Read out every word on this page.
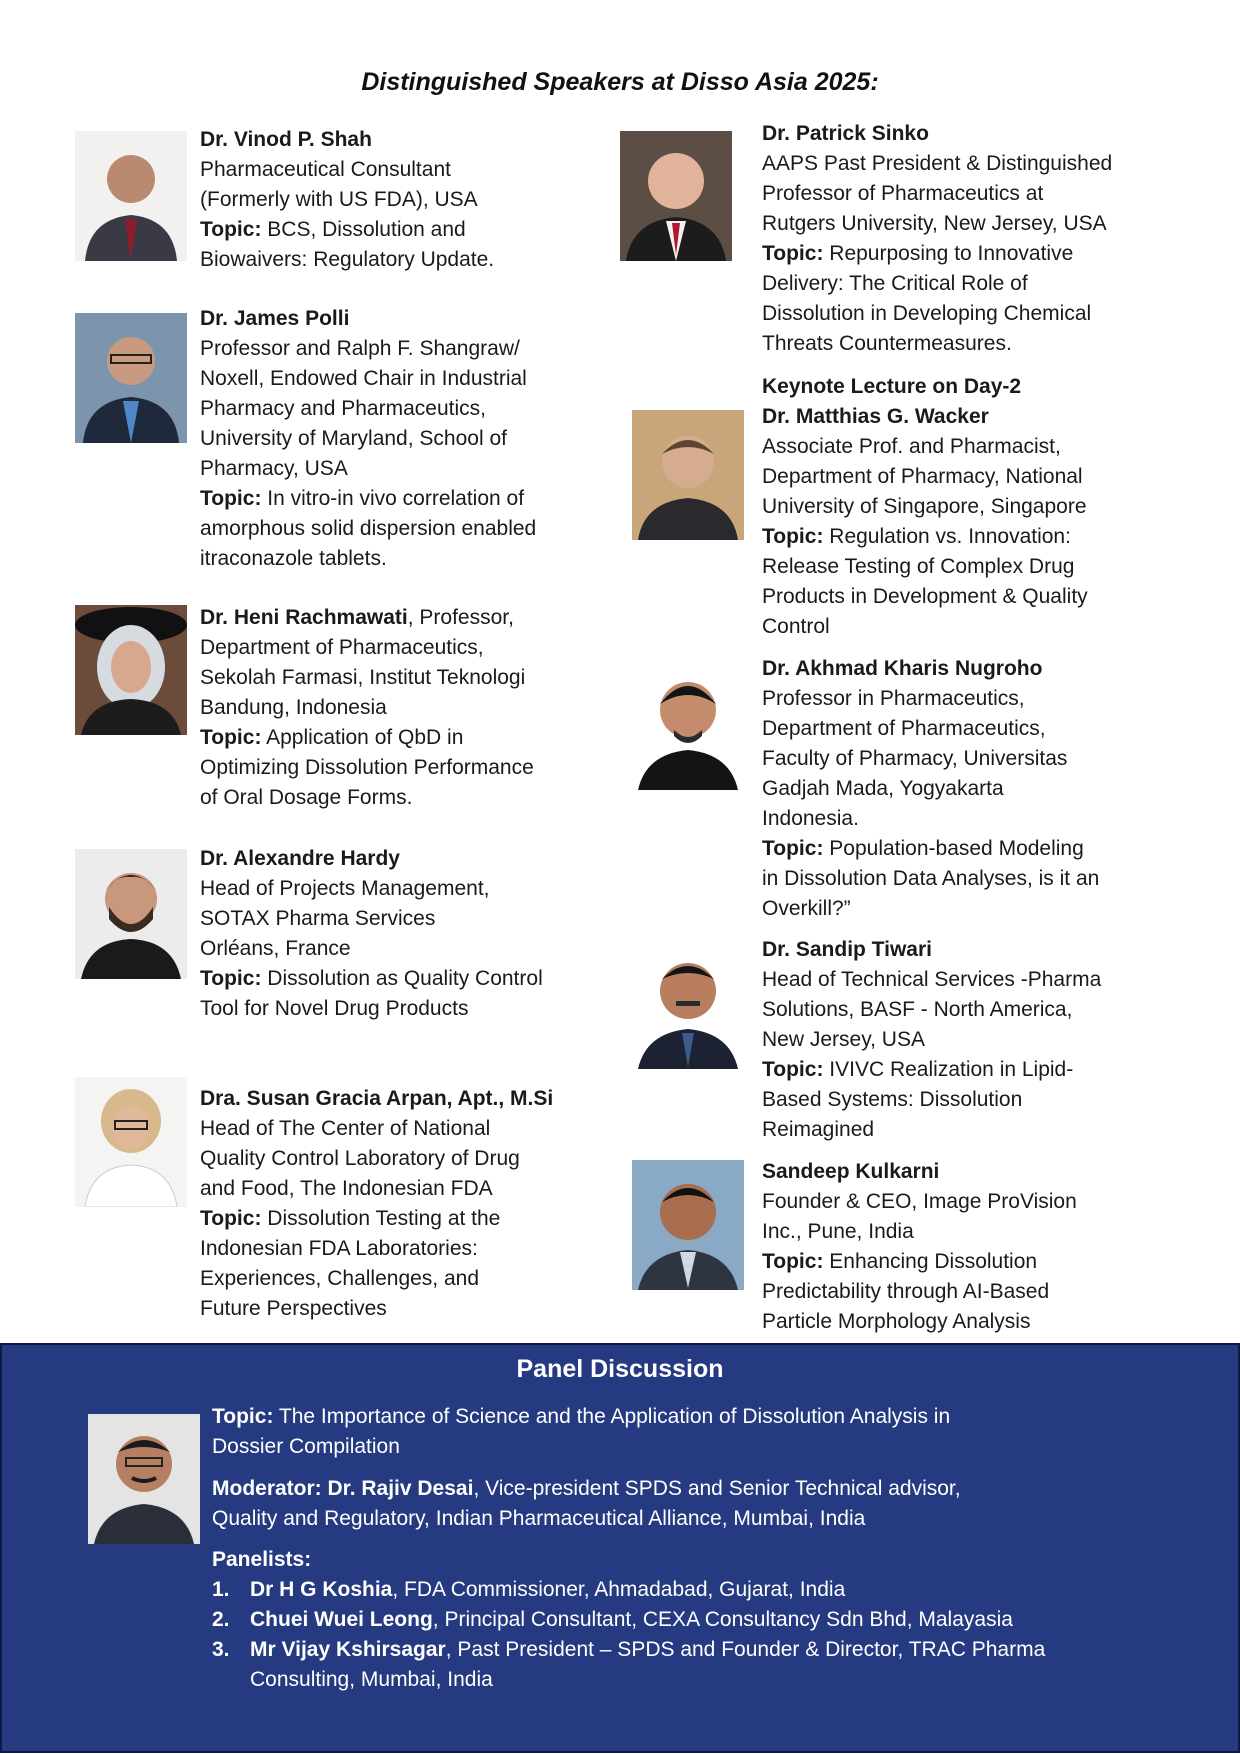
Distinguished Speakers at Disso Asia 2025:
Dr. Vinod P. Shah
Pharmaceutical Consultant
(Formerly with US FDA), USA
Topic: BCS, Dissolution and
Biowaivers: Regulatory Update.
Dr. James Polli
Professor and Ralph F. Shangraw/
Noxell, Endowed Chair in Industrial
Pharmacy and Pharmaceutics,
University of Maryland, School of
Pharmacy, USA
Topic: In vitro-in vivo correlation of
amorphous solid dispersion enabled
itraconazole tablets.
Dr. Heni Rachmawati, Professor,
Department of Pharmaceutics,
Sekolah Farmasi, Institut Teknologi
Bandung, Indonesia
Topic: Application of QbD in
Optimizing Dissolution Performance
of Oral Dosage Forms.
Dr. Alexandre Hardy
Head of Projects Management,
SOTAX Pharma Services
Orléans, France
Topic: Dissolution as Quality Control
Tool for Novel Drug Products
Dra. Susan Gracia Arpan, Apt., M.Si
Head of The Center of National
Quality Control Laboratory of Drug
and Food, The Indonesian FDA
Topic: Dissolution Testing at the
Indonesian FDA Laboratories:
Experiences, Challenges, and
Future Perspectives
Dr. Patrick Sinko
AAPS Past President & Distinguished
Professor of Pharmaceutics at
Rutgers University, New Jersey, USA
Topic: Repurposing to Innovative
Delivery: The Critical Role of
Dissolution in Developing Chemical
Threats Countermeasures.
Keynote Lecture on Day-2
Dr. Matthias G. Wacker
Associate Prof. and Pharmacist,
Department of Pharmacy, National
University of Singapore, Singapore
Topic: Regulation vs. Innovation:
Release Testing of Complex Drug
Products in Development & Quality
Control
Dr. Akhmad Kharis Nugroho
Professor in Pharmaceutics,
Department of Pharmaceutics,
Faculty of Pharmacy, Universitas
Gadjah Mada, Yogyakarta
Indonesia.
Topic: Population-based Modeling
in Dissolution Data Analyses, is it an
Overkill?”
Dr. Sandip Tiwari
Head of Technical Services -Pharma
Solutions, BASF - North America,
New Jersey, USA
Topic: IVIVC Realization in Lipid-
Based Systems: Dissolution
Reimagined
Sandeep Kulkarni
Founder & CEO, Image ProVision
Inc., Pune, India
Topic: Enhancing Dissolution
Predictability through AI-Based
Particle Morphology Analysis
Panel Discussion
Topic: The Importance of Science and the Application of Dissolution Analysis in
Dossier Compilation
Moderator: Dr. Rajiv Desai, Vice-president SPDS and Senior Technical advisor,
Quality and Regulatory, Indian Pharmaceutical Alliance, Mumbai, India
Panelists:
1. Dr H G Koshia, FDA Commissioner, Ahmadabad, Gujarat, India
2. Chuei Wuei Leong, Principal Consultant, CEXA Consultancy Sdn Bhd, Malayasia
3. Mr Vijay Kshirsagar, Past President – SPDS and Founder & Director, TRAC Pharma
Consulting, Mumbai, India
